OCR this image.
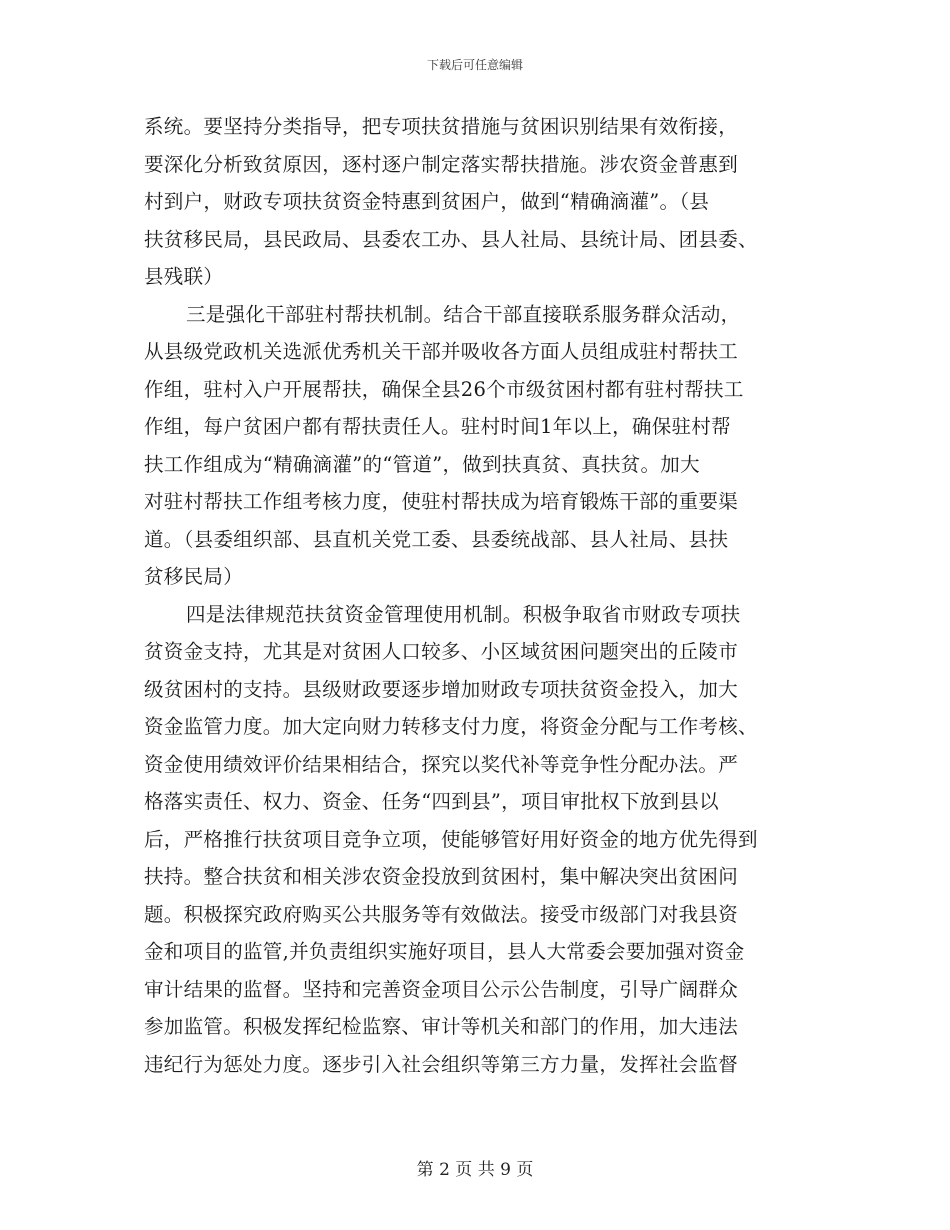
下载后可任意编辑
系统。要坚持分类指导，把专项扶贫措施与贫困识别结果有效衔接，
要深化分析致贫原因，逐村逐户制定落实帮扶措施。涉农资金普惠到
村到户，财政专项扶贫资金特惠到贫困户，做到“精确滴灌”。（县
扶贫移民局，县民政局、县委农工办、县人社局、县统计局、团县委、
县残联）
三是强化干部驻村帮扶机制。结合干部直接联系服务群众活动，
从县级党政机关选派优秀机关干部并吸收各方面人员组成驻村帮扶工
作组，驻村入户开展帮扶，确保全县26个市级贫困村都有驻村帮扶工
作组，每户贫困户都有帮扶责任人。驻村时间1年以上，确保驻村帮
扶工作组成为“精确滴灌”的“管道”，做到扶真贫、真扶贫。加大
对驻村帮扶工作组考核力度，使驻村帮扶成为培育锻炼干部的重要渠
道。（县委组织部、县直机关党工委、县委统战部、县人社局、县扶
贫移民局）
四是法律规范扶贫资金管理使用机制。积极争取省市财政专项扶
贫资金支持，尤其是对贫困人口较多、小区域贫困问题突出的丘陵市
级贫困村的支持。县级财政要逐步增加财政专项扶贫资金投入，加大
资金监管力度。加大定向财力转移支付力度，将资金分配与工作考核、
资金使用绩效评价结果相结合，探究以奖代补等竞争性分配办法。严
格落实责任、权力、资金、任务“四到县”，项目审批权下放到县以
后，严格推行扶贫项目竞争立项，使能够管好用好资金的地方优先得到
扶持。整合扶贫和相关涉农资金投放到贫困村，集中解决突出贫困问
题。积极探究政府购买公共服务等有效做法。接受市级部门对我县资
金和项目的监管,并负责组织实施好项目，县人大常委会要加强对资金
审计结果的监督。坚持和完善资金项目公示公告制度，引导广阔群众
参加监管。积极发挥纪检监察、审计等机关和部门的作用，加大违法
违纪行为惩处力度。逐步引入社会组织等第三方力量，发挥社会监督
第 2 页 共 9 页
